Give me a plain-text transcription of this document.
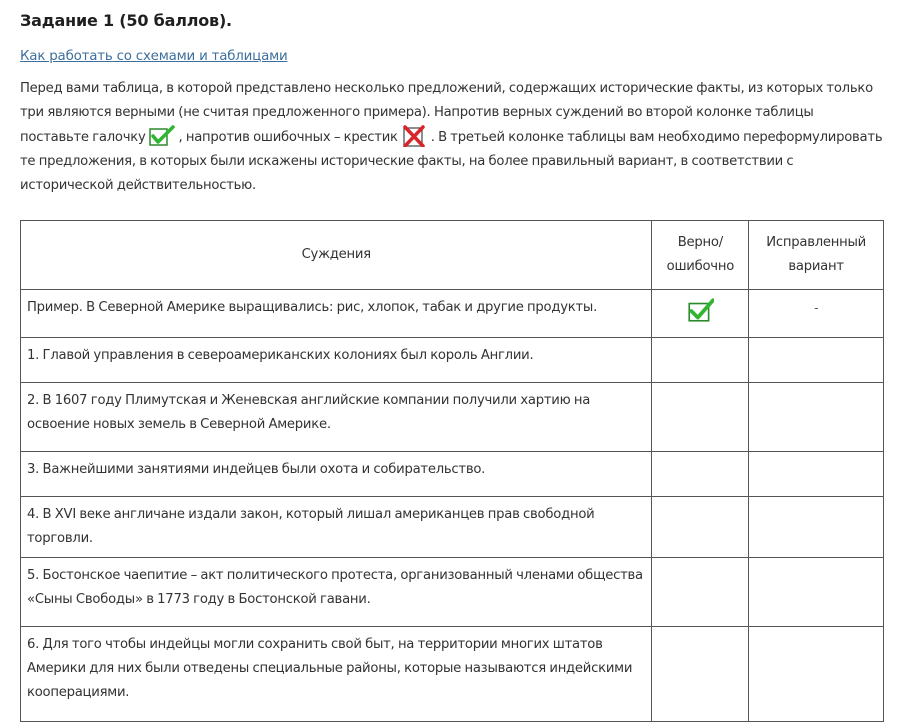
Задание 1 (50 баллов).
Как работать со схемами и таблицами
Перед вами таблица, в которой представлено несколько предложений, содержащих исторические факты, из которых только три являются верными (не считая предложенного примера). Напротив верных суждений во второй колонке таблицы поставьте галочку , напротив ошибочных – крестик . В третьей колонке таблицы вам необходимо переформулировать те предложения, в которых были искажены исторические факты, на более правильный вариант, в соответствии с исторической действительностью.
Суждения	Верно/ ошибочно	Исправленный вариант
Пример. В Северной Америке выращивались: рис, хлопок, табак и другие продукты.		-
1. Главой управления в североамериканских колониях был король Англии.		
2. В 1607 году Плимутская и Женевская английские компании получили хартию на освоение новых земель в Северной Америке.		
3. Важнейшими занятиями индейцев были охота и собирательство.		
4. В XVI веке англичане издали закон, который лишал американцев прав свободной торговли.		
5. Бостонское чаепитие – акт политического протеста, организованный членами общества «Сыны Свободы» в 1773 году в Бостонской гавани.		
6. Для того чтобы индейцы могли сохранить свой быт, на территории многих штатов Америки для них были отведены специальные районы, которые называются индейскими кооперациями.		
